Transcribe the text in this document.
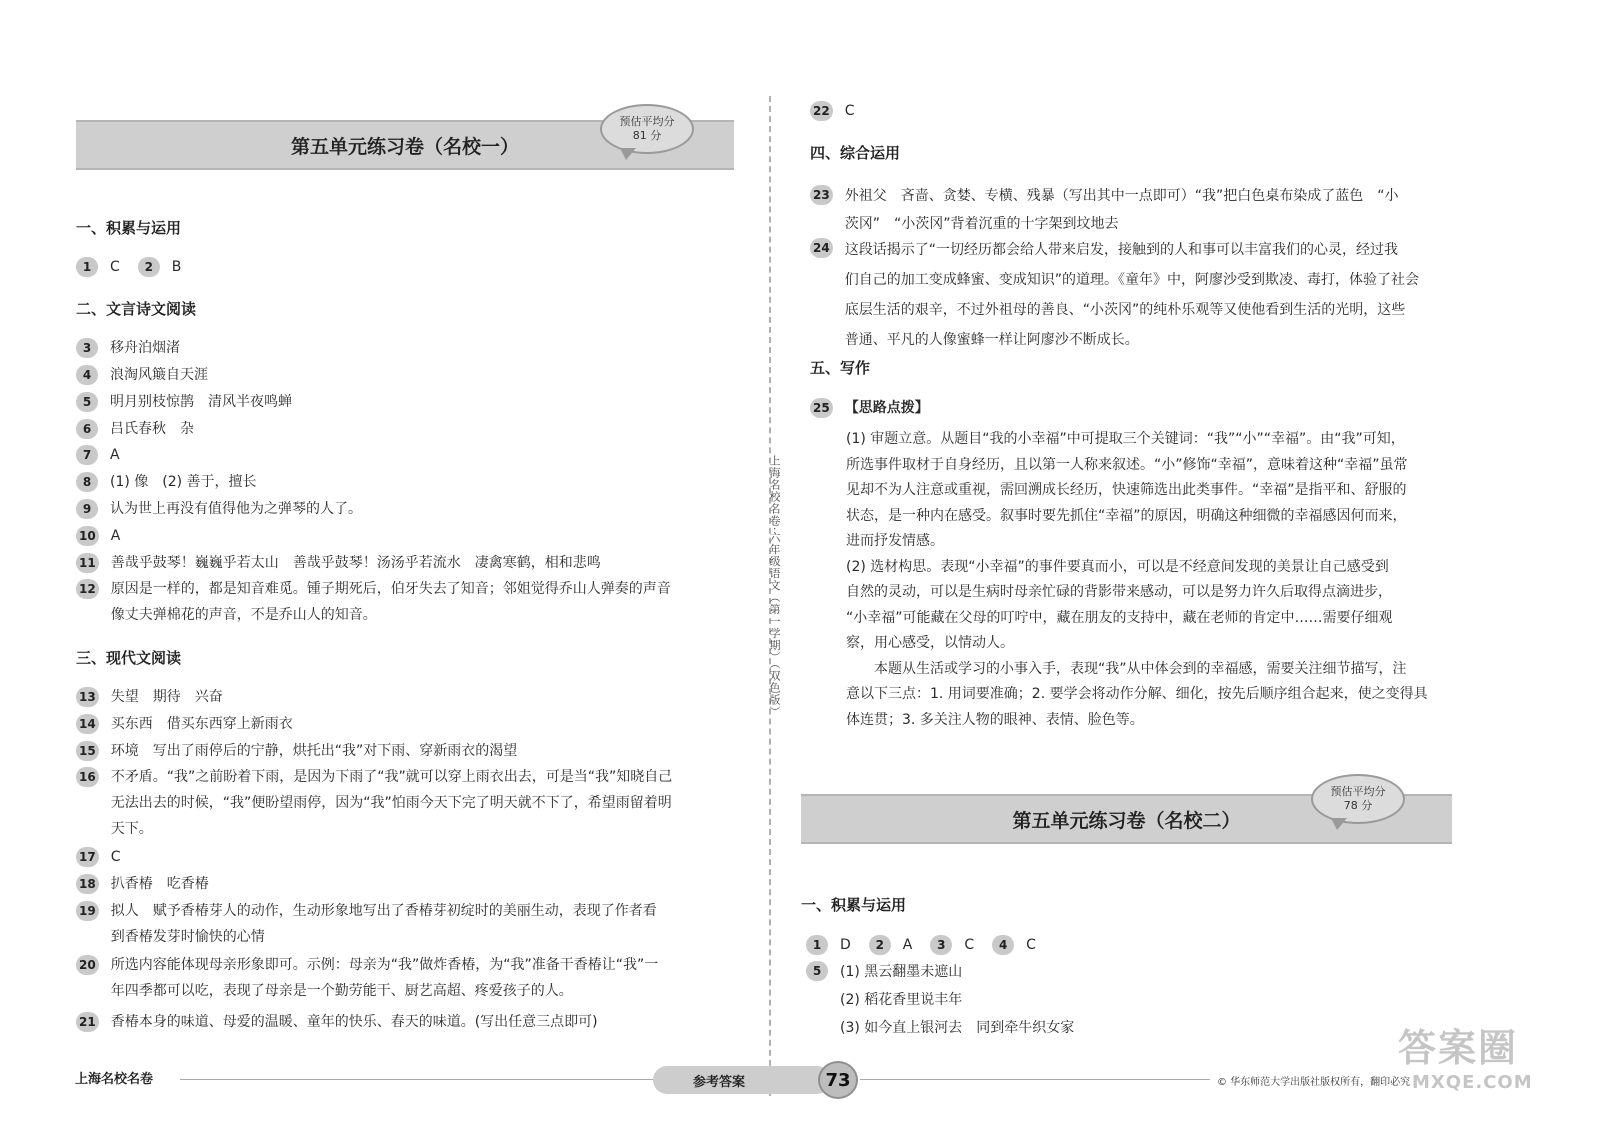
第五单元练习卷（名校一）
预估平均分
81 分
一、积累与运用
1	C	2	B
二、文言诗文阅读
3	移舟泊烟渚
4	浪淘风簸自天涯
5	明月别枝惊鹊　清风半夜鸣蝉
6	吕氏春秋　杂
7	A
8	(1) 像　(2) 善于，擅长
9	认为世上再没有值得他为之弹琴的人了。
10 A
11 善哉乎鼓琴！巍巍乎若太山　善哉乎鼓琴！汤汤乎若流水　凄禽寒鹤，相和悲鸣
12 原因是一样的，都是知音难觅。锺子期死后，伯牙失去了知音；邻姐觉得乔山人弹奏的声音
像丈夫弹棉花的声音，不是乔山人的知音。
13 失望　期待　兴奋
14 买东西　借买东西穿上新雨衣
15 环境　写出了雨停后的宁静，烘托出“我”对下雨、穿新雨衣的渴望
16 不矛盾。“我”之前盼着下雨，是因为下雨了“我”就可以穿上雨衣出去，可是当“我”知晓自己
无法出去的时候，“我”便盼望雨停，因为“我”怕雨今天下完了明天就不下了，希望雨留着明
天下。
17 C
18 扒香椿　吃香椿
19 拟人　赋予香椿芽人的动作，生动形象地写出了香椿芽初绽时的美丽生动，表现了作者看
到香椿发芽时愉快的心情
20 所选内容能体现母亲形象即可。示例：母亲为“我”做炸香椿，为“我”准备干香椿让“我”一
年四季都可以吃，表现了母亲是一个勤劳能干、厨艺高超、疼爱孩子的人。
21 香椿本身的味道、母爱的温暖、童年的快乐、春天的味道。(写出任意三点即可)
三、现代文阅读	上海名校名卷·六年级语文（第一学期）（双色版）
22 C
23 外祖父　吝啬、贪婪、专横、残暴（写出其中一点即可）“我”把白色桌布染成了蓝色　“小
茨冈”　“小茨冈”背着沉重的十字架到坟地去
24 这段话揭示了“一切经历都会给人带来启发，接触到的人和事可以丰富我们的心灵，经过我
们自己的加工变成蜂蜜、变成知识”的道理。《童年》中，阿廖沙受到欺凌、毒打，体验了社会
底层生活的艰辛，不过外祖母的善良、“小茨冈”的纯朴乐观等又使他看到生活的光明，这些
普通、平凡的人像蜜蜂一样让阿廖沙不断成长。
四、综合运用
五、写作
25 【思路点拨】
(1) 审题立意。从题目“我的小幸福”中可提取三个关键词：“我”“小”“幸福”。由“我”可知，
所选事件取材于自身经历，且以第一人称来叙述。“小”修饰“幸福”，意味着这种“幸福”虽常
见却不为人注意或重视，需回溯成长经历，快速筛选出此类事件。“幸福”是指平和、舒服的
状态，是一种内在感受。叙事时要先抓住“幸福”的原因，明确这种细微的幸福感因何而来，
进而抒发情感。
(2) 选材构思。表现“小幸福”的事件要真而小，可以是不经意间发现的美景让自己感受到
自然的灵动，可以是生病时母亲忙碌的背影带来感动，可以是努力许久后取得点滴进步，
“小幸福”可能藏在父母的叮咛中，藏在朋友的支持中，藏在老师的肯定中……需要仔细观
察，用心感受，以情动人。
　　本题从生活或学习的小事入手，表现“我”从中体会到的幸福感，需要关注细节描写，注
意以下三点：1. 用词要准确；2. 要学会将动作分解、细化，按先后顺序组合起来，使之变得具
体连贯；3. 多关注人物的眼神、表情、脸色等。
第五单元练习卷（名校二）
预估平均分
78 分
一、积累与运用
1	D	2	A	3	C	4	C
5	(1) 黑云翻墨未遮山
(2) 稻花香里说丰年
(3) 如今直上银河去　同到牵牛织女家
上海名校名卷	参考答案	73	© 华东师范大学出版社版权所有，翻印必究
答案圈
MXQE.COM
